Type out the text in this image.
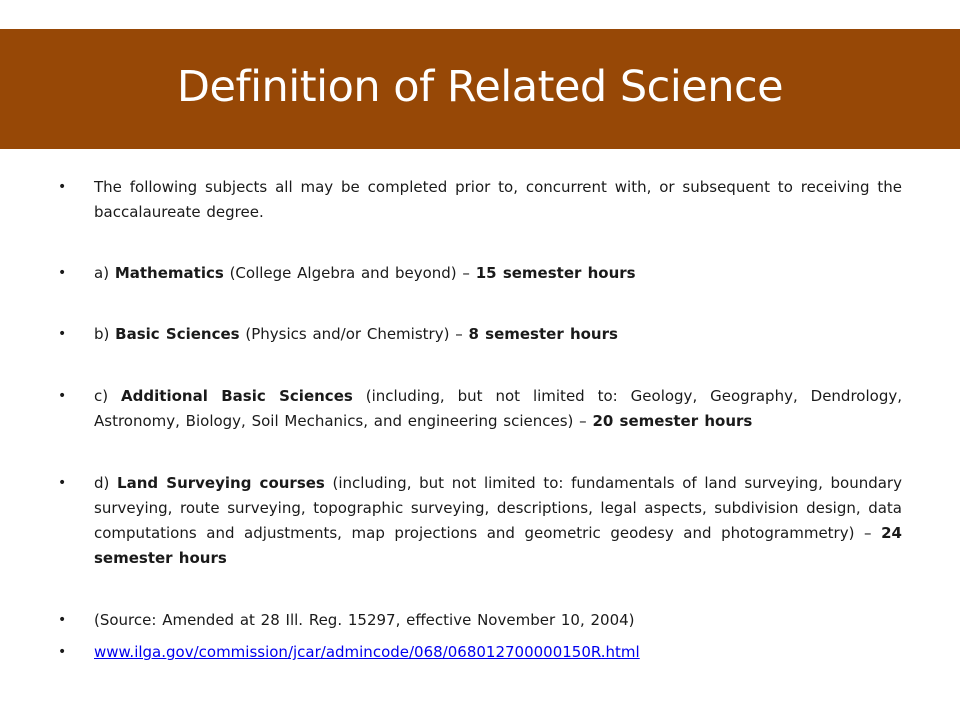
Definition of Related Science
• The following subjects all may be completed prior to, concurrent with, or subsequent to receiving the baccalaureate degree.
• a) Mathematics (College Algebra and beyond) – 15 semester hours
• b) Basic Sciences (Physics and/or Chemistry) – 8 semester hours
• c) Additional Basic Sciences (including, but not limited to: Geology, Geography, Dendrology, Astronomy, Biology, Soil Mechanics, and engineering sciences) – 20 semester hours
• d) Land Surveying courses (including, but not limited to: fundamentals of land surveying, boundary surveying, route surveying, topographic surveying, descriptions, legal aspects, subdivision design, data computations and adjustments, map projections and geometric geodesy and photogrammetry) – 24 semester hours
• (Source: Amended at 28 Ill. Reg. 15297, effective November 10, 2004)
• www.ilga.gov/commission/jcar/admincode/068/068012700000150R.html
